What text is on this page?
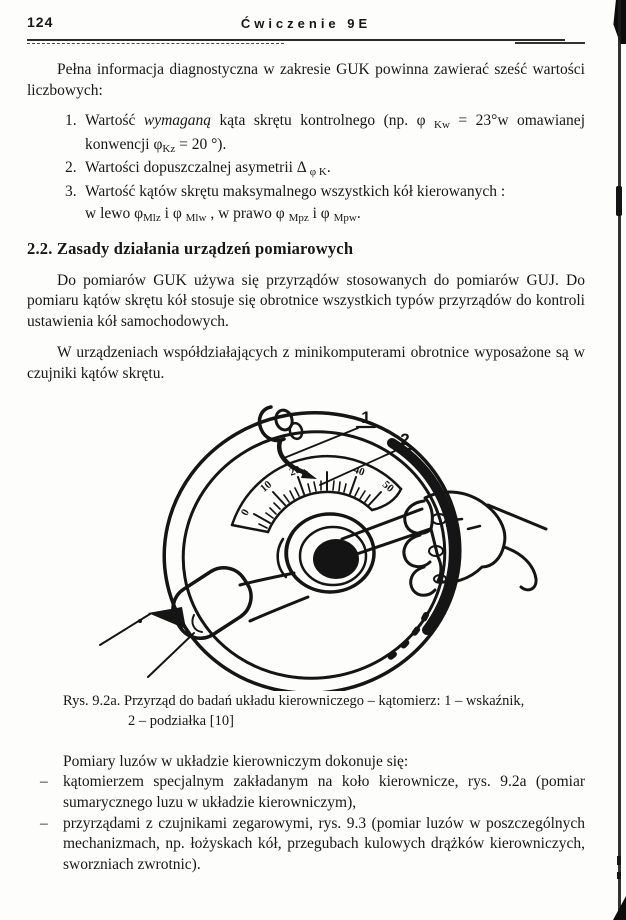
124	Ćwiczenie 9E
Pełna informacja diagnostyczna w zakresie GUK powinna zawierać sześć wartości liczbowych:
1. Wartość wymaganą kąta skrętu kontrolnego (np. φ Kw = 23°w omawianej konwencji φKz = 20 °).
2. Wartości dopuszczalnej asymetrii Δ φ K.
3. Wartość kątów skrętu maksymalnego wszystkich kół kierowanych :
w lewo φMlz i φ Mlw , w prawo φ Mpz i φ Mpw.
2.2. Zasady działania urządzeń pomiarowych
Do pomiarów GUK używa się przyrządów stosowanych do pomiarów GUJ. Do pomiaru kątów skrętu kół stosuje się obrotnice wszystkich typów przyrządów do kontroli ustawienia kół samochodowych.
W urządzeniach współdziałających z minikomputerami obrotnice wyposażone są w czujniki kątów skrętu.
0
10
20	40
50
1
2
Rys. 9.2a. Przyrząd do badań układu kierowniczego – kątomierz: 1 – wskaźnik,
2 – podziałka [10]
Pomiary luzów w układzie kierowniczym dokonuje się:
– kątomierzem specjalnym zakładanym na koło kierownicze, rys. 9.2a (pomiar sumarycznego luzu w układzie kierowniczym),
– przyrządami z czujnikami zegarowymi, rys. 9.3 (pomiar luzów w poszczególnych mechanizmach, np. łożyskach kół, przegubach kulowych drążków kierowniczych, sworzniach zwrotnic).
